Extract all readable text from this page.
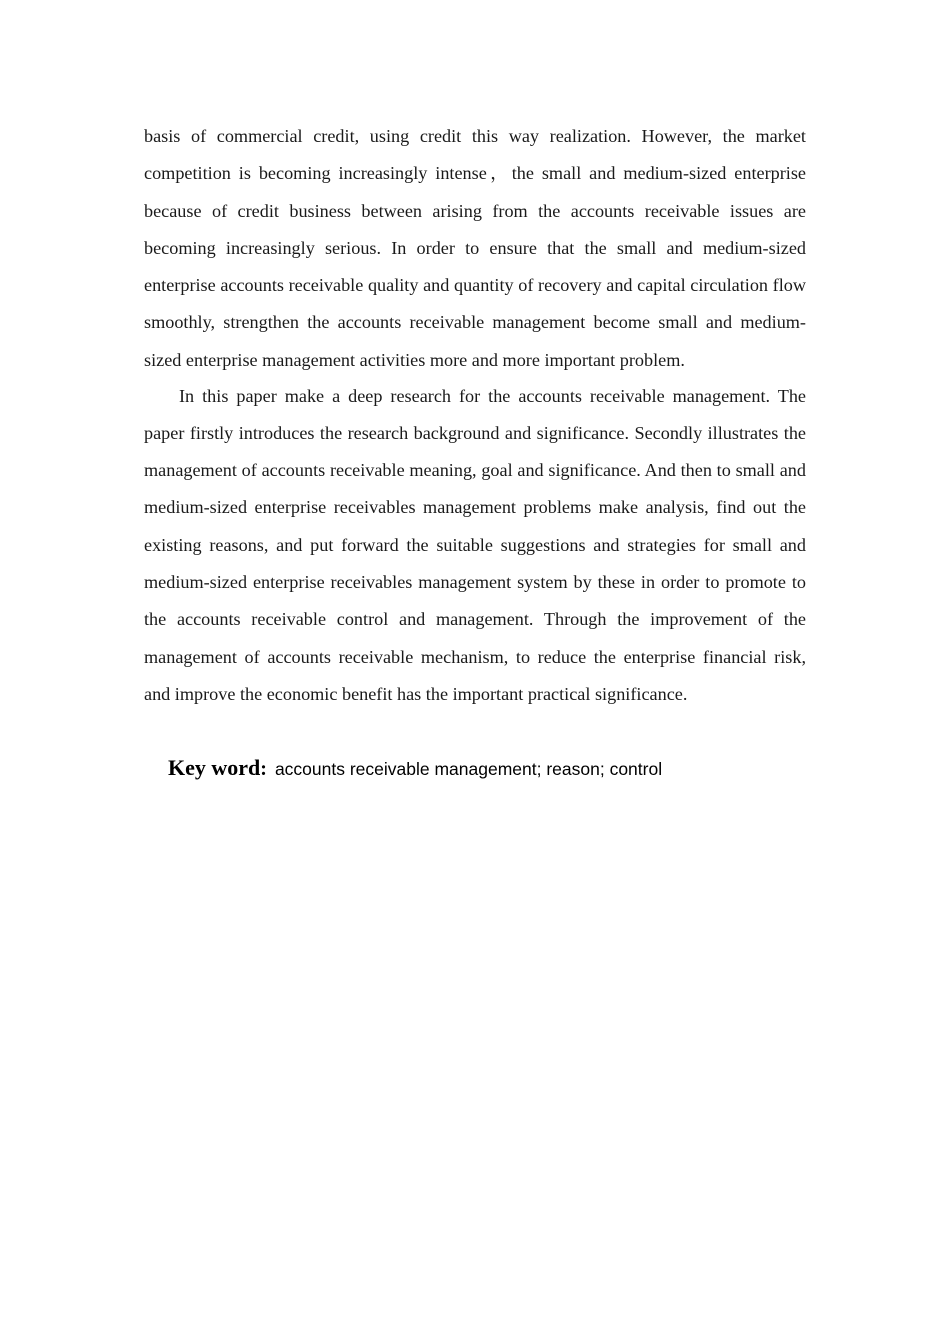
basis of commercial credit, using credit this way realization. However, the market competition is becoming increasingly intense，the small and medium-sized enterprise because of credit business between arising from the accounts receivable issues are becoming increasingly serious. In order to ensure that the small and medium-sized enterprise accounts receivable quality and quantity of recovery and capital circulation flow smoothly, strengthen the accounts receivable management become small and medium-sized enterprise management activities more and more important problem.

In this paper make a deep research for the accounts receivable management. The paper firstly introduces the research background and significance. Secondly illustrates the management of accounts receivable meaning, goal and significance. And then to small and medium-sized enterprise receivables management problems make analysis, find out the existing reasons, and put forward the suitable suggestions and strategies for small and medium-sized enterprise receivables management system by these in order to promote to the accounts receivable control and management. Through the improvement of the management of accounts receivable mechanism, to reduce the enterprise financial risk, and improve the economic benefit has the important practical significance.

Key word: accounts receivable management; reason; control
